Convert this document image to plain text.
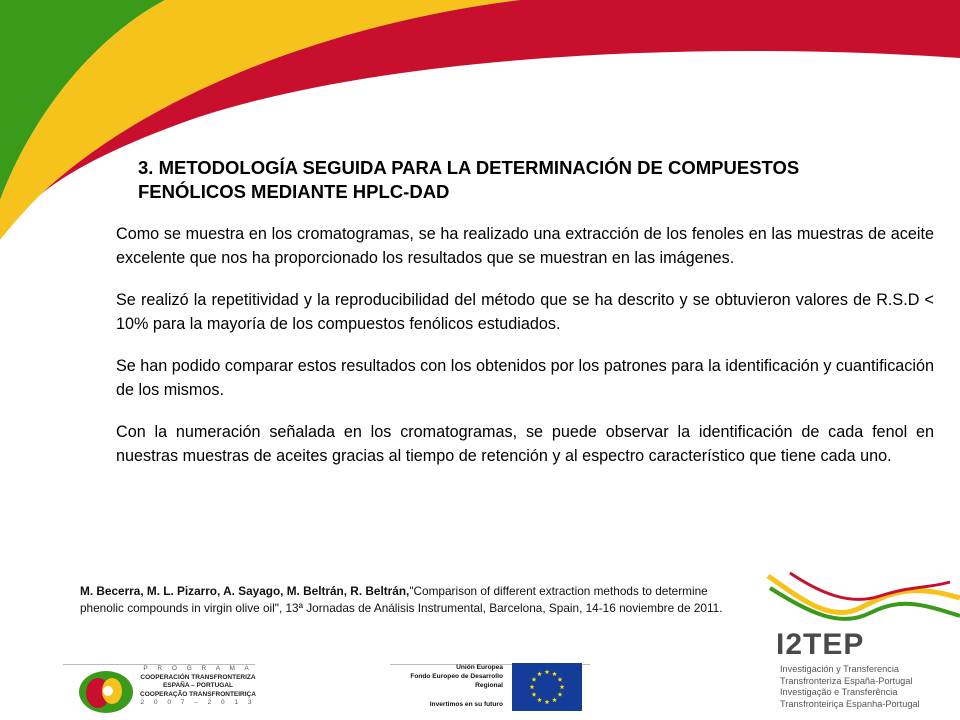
3. METODOLOGÍA SEGUIDA PARA LA DETERMINACIÓN DE COMPUESTOS
FENÓLICOS MEDIANTE HPLC-DAD

Como se muestra en los cromatogramas, se ha realizado una extracción de los fenoles en las muestras de aceite excelente que nos ha proporcionado los resultados que se muestran en las imágenes.

Se realizó la repetitividad y la reproducibilidad del método que se ha descrito y se obtuvieron valores de R.S.D < 10% para la mayoría de los compuestos fenólicos estudiados.

Se han podido comparar estos resultados con los obtenidos por los patrones para la identificación y cuantificación de los mismos.

Con la numeración señalada en los cromatogramas, se puede observar la identificación de cada fenol en nuestras muestras de aceites gracias al tiempo de retención y al espectro característico que tiene cada uno.

M. Becerra, M. L. Pizarro, A. Sayago, M. Beltrán, R. Beltrán,"Comparison of different extraction methods to determine phenolic compounds in virgin olive oil", 13ª Jornadas de Análisis Instrumental, Barcelona, Spain, 14-16 noviembre de 2011.
P R O G R A M A
COOPERACIÓN TRANSFRONTERIZA
ESPAÑA – PORTUGAL
COOPERAÇÃO TRANSFRONTEIRIÇA
2 0 0 7 – 2 0 1 3
Unión Europea
Fondo Europeo de Desarrollo
Regional
Invertimos en su futuro
I2TEP
Investigación y Transferencia
Transfronteriza España-Portugal
Investigação e Transferência
Transfronteiriça Espanha-Portugal
